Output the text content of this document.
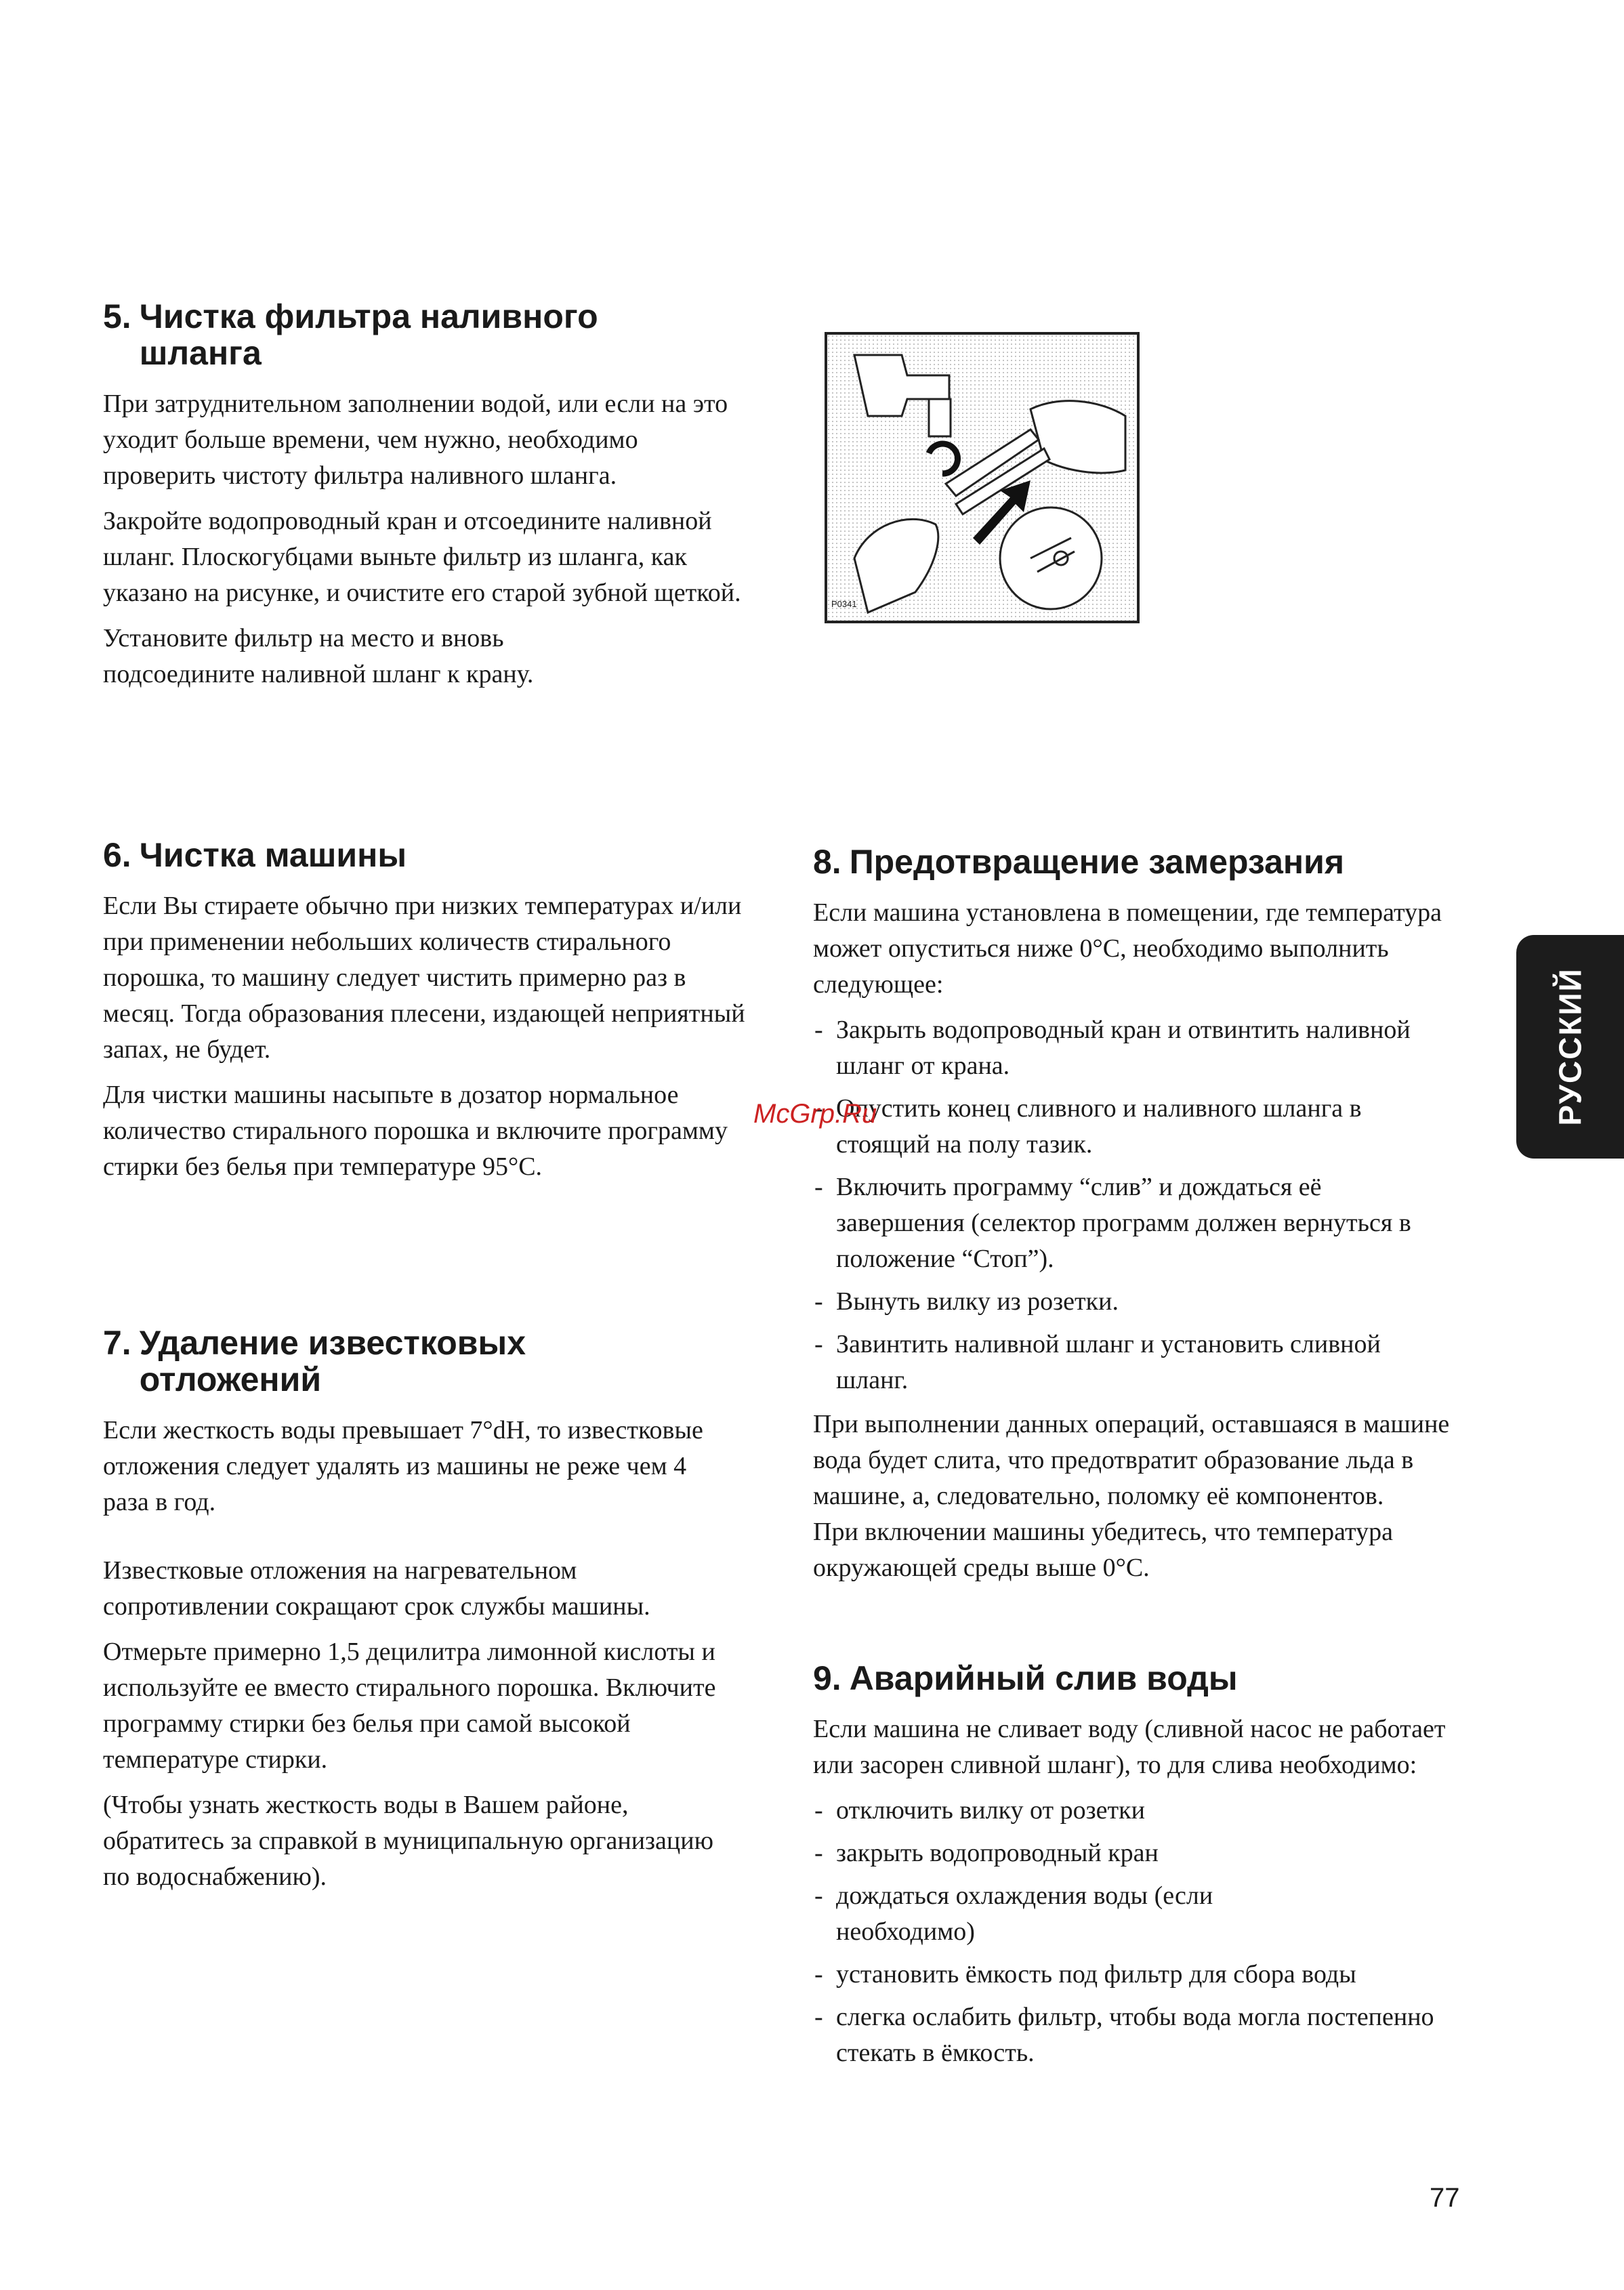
5. Чистка фильтра наливного шланга

При затруднительном заполнении водой, или если на это уходит больше времени, чем нужно, необходимо проверить чистоту фильтра наливного шланга.

Закройте водопроводный кран и отсоедините наливной шланг. Плоскогубцами выньте фильтр из шланга, как указано на рисунке, и очистите его старой зубной щеткой.

Установите фильтр на место и вновь подсоедините наливной шланг к крану.

P0341
6. Чистка машины

Если Вы стираете обычно при низких температурах и/или при применении небольших количеств стирального порошка, то машину следует чистить примерно раз в месяц. Тогда образования плесени, издающей неприятный запах, не будет.

Для чистки машины насыпьте в дозатор нормальное количество стирального порошка и включите программу стирки без белья при температуре 95°C.

7. Удаление известковых отложений

Если жесткость воды превышает 7°dH, то известковые отложения следует удалять из машины не реже чем 4 раза в год.

Известковые отложения на нагревательном сопротивлении сокращают срок службы машины.

Отмерьте примерно 1,5 децилитра лимонной кислоты и используйте ее вместо стирального порошка. Включите программу стирки без белья при самой высокой температуре стирки.

(Чтобы узнать жесткость воды в Вашем районе, обратитесь за справкой в муниципальную организацию по водоснабжению).

8. Предотвращение замерзания

Если машина установлена в помещении, где температура может опуститься ниже 0°C, необходимо выполнить следующее:

- Закрыть водопроводный кран и отвинтить наливной шланг от крана.
- Опустить конец сливного и наливного шланга в стоящий на полу тазик.
- Включить программу “слив” и дождаться её завершения (селектор программ должен вернуться в положение “Стоп”).
- Вынуть вилку из розетки.
- Завинтить наливной шланг и установить сливной шланг.

При выполнении данных операций, оставшаяся в машине вода будет слита, что предотвратит образование льда в машине, а, следовательно, поломку её компонентов.

При включении машины убедитесь, что температура окружающей среды выше 0°C.

9. Аварийный слив воды

Если машина не сливает воду (сливной насос не работает или засорен сливной шланг), то для слива необходимо:

- отключить вилку от розетки
- закрыть водопроводный кран
- дождаться охлаждения воды (если необходимо)
- установить ёмкость под фильтр для сбора воды
- слегка ослабить фильтр, чтобы вода могла постепенно стекать в ёмкость.
РУССКИЙ
McGrp.Ru
77
